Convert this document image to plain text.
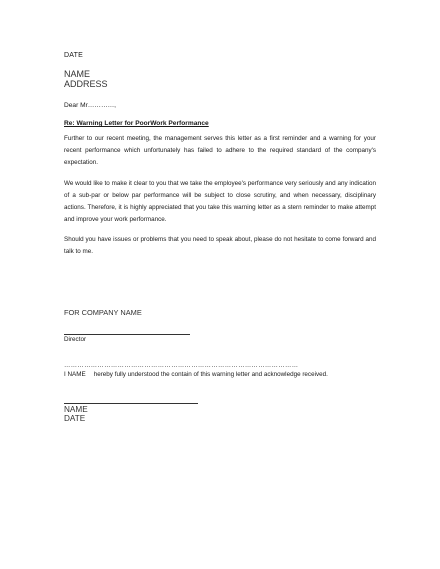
DATE
NAME
ADDRESS
Dear Mr…………,
Re: Warning Letter for PoorWork Performance

Further to our recent meeting, the management serves this letter as a first reminder and a warning for your recent performance which unfortunately has failed to adhere to the required standard of the company's expectation.

We would like to make it clear to you that we take the employee's performance very seriously and any indication of a sub-par or below par performance will be subject to close scrutiny, and when necessary, disciplinary actions. Therefore, it is highly appreciated that you take this warning letter as a stern reminder to make attempt and improve your work performance.

Should you have issues or problems that you need to speak about, please do not hesitate to come forward and talk to me.

FOR COMPANY NAME
Director
……………………………………………………………………………………………
I NAME hereby fully understood the contain of this warning letter and acknowledge received.
NAME
DATE
